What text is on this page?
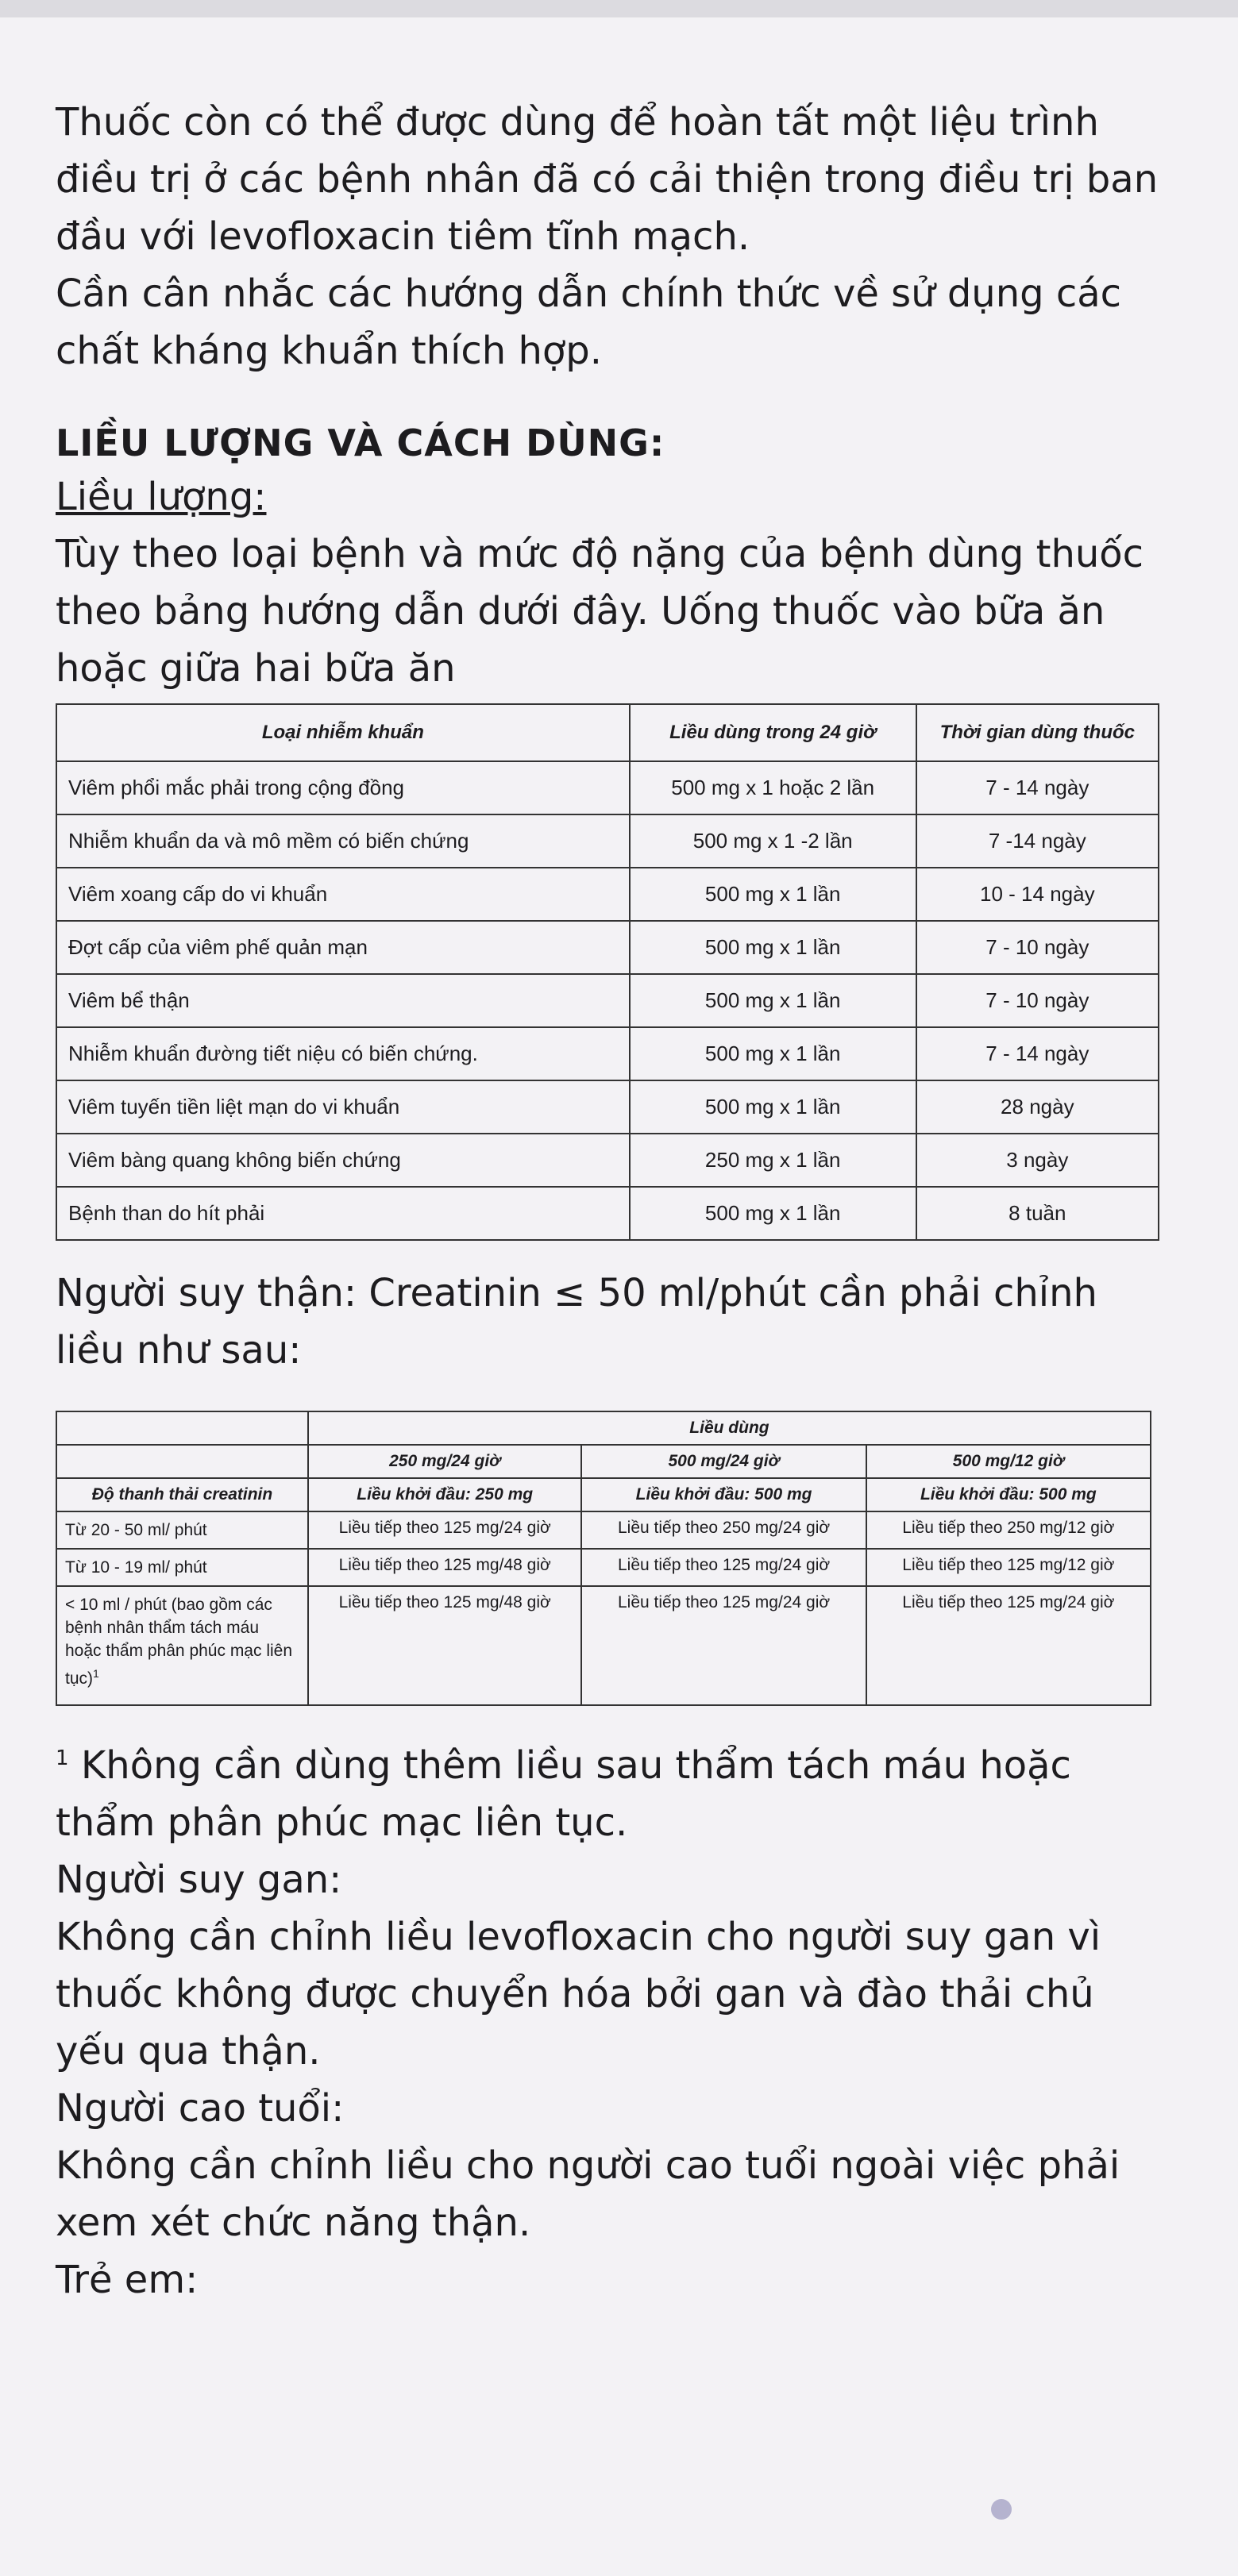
Thuốc còn có thể được dùng để hoàn tất một liệu trình điều trị ở các bệnh nhân đã có cải thiện trong điều trị ban đầu với levofloxacin tiêm tĩnh mạch.

Cần cân nhắc các hướng dẫn chính thức về sử dụng các chất kháng khuẩn thích hợp.

LIỀU LƯỢNG VÀ CÁCH DÙNG:

Liều lượng:

Tùy theo loại bệnh và mức độ nặng của bệnh dùng thuốc theo bảng hướng dẫn dưới đây. Uống thuốc vào bữa ăn hoặc giữa hai bữa ăn

Loại nhiễm khuẩn	Liều dùng trong 24 giờ	Thời gian dùng thuốc
Viêm phổi mắc phải trong cộng đồng	500 mg x 1 hoặc 2 lần	7 - 14 ngày
Nhiễm khuẩn da và mô mềm có biến chứng	500 mg x 1 -2 lần	7 -14 ngày
Viêm xoang cấp do vi khuẩn	500 mg x 1 lần	10 - 14 ngày
Đợt cấp của viêm phế quản mạn	500 mg x 1 lần	7 - 10 ngày
Viêm bể thận	500 mg x 1 lần	7 - 10 ngày
Nhiễm khuẩn đường tiết niệu có biến chứng.	500 mg x 1 lần	7 - 14 ngày
Viêm tuyến tiền liệt mạn do vi khuẩn	500 mg x 1 lần	28 ngày
Viêm bàng quang không biến chứng	250 mg x 1 lần	3 ngày
Bệnh than do hít phải	500 mg x 1 lần	8 tuần

Người suy thận: Creatinin ≤ 50 ml/phút cần phải chỉnh liều như sau:

	Liều dùng		
	250 mg/24 giờ	500 mg/24 giờ	500 mg/12 giờ
Độ thanh thải creatinin	Liều khởi đầu: 250 mg	Liều khởi đầu: 500 mg	Liều khởi đầu: 500 mg
Từ 20 - 50 ml/ phút	Liều tiếp theo 125 mg/24 giờ	Liều tiếp theo 250 mg/24 giờ	Liều tiếp theo 250 mg/12 giờ
Từ 10 - 19 ml/ phút	Liều tiếp theo 125 mg/48 giờ	Liều tiếp theo 125 mg/24 giờ	Liều tiếp theo 125 mg/12 giờ
< 10 ml / phút (bao gồm các bệnh nhân thẩm tách máu hoặc thẩm phân phúc mạc liên tục)$^1$	Liều tiếp theo 125 mg/48 giờ	Liều tiếp theo 125 mg/24 giờ	Liều tiếp theo 125 mg/24 giờ

$^1$ Không cần dùng thêm liều sau thẩm tách máu hoặc thẩm phân phúc mạc liên tục.

Người suy gan:

Không cần chỉnh liều levofloxacin cho người suy gan vì thuốc không được chuyển hóa bởi gan và đào thải chủ yếu qua thận.

Người cao tuổi:

Không cần chỉnh liều cho người cao tuổi ngoài việc phải xem xét chức năng thận.

Trẻ em:
